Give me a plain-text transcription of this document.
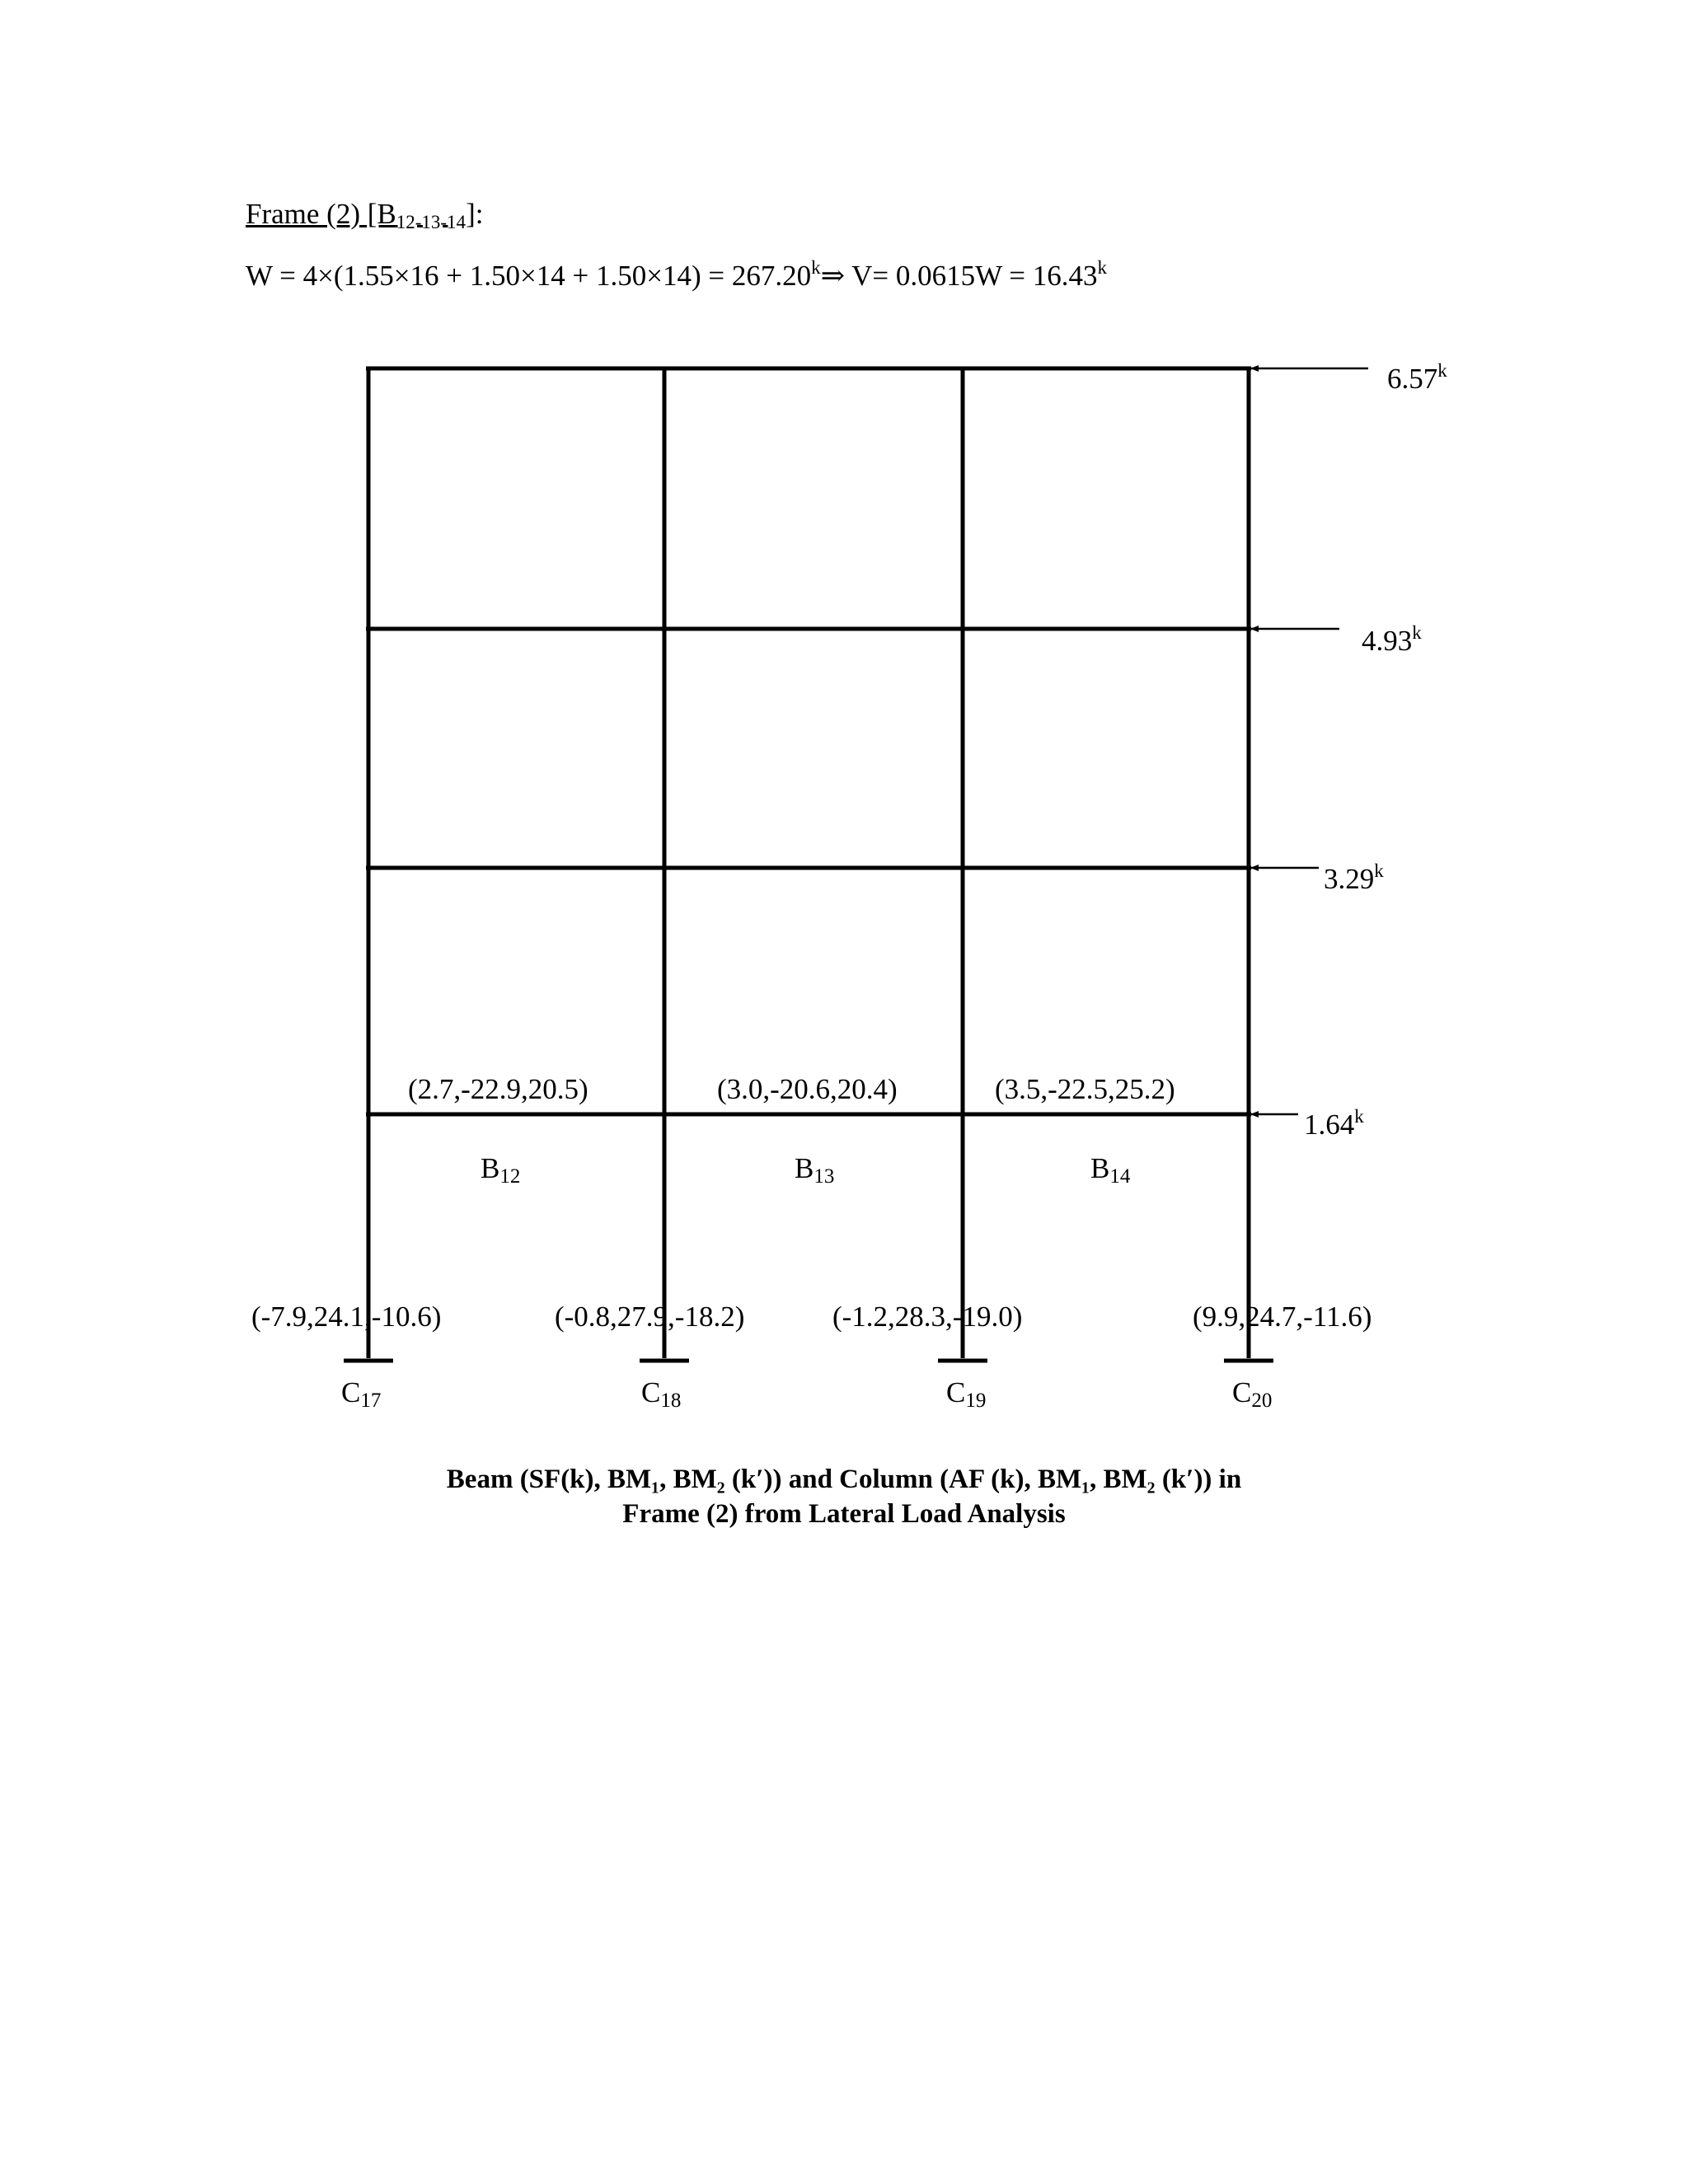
Frame (2) $[B_{12-13-14}]$:
$W = 4\times(1.55\times 16 + 1.50\times 14 + 1.50\times 14) = 267.20^k\Rightarrow$ $V= 0.0615W = 16.43^k$
6.57$^k$
4.93$^k$
3.29$^k$
1.64$^k$
(2.7,-22.9,20.5)	(3.0,-20.6,20.4)	(3.5,-22.5,25.2)
$B_{12}$	$B_{13}$	$B_{14}$
(-7.9,24.1,-10.6)	(-0.8,27.9,-18.2)	(-1.2,28.3,-19.0)	(9.9,24.7,-11.6)
$C_{17}$	$C_{18}$	$C_{19}$	$C_{20}$
Beam (SF(k), BM₁, BM₂ (k′)) and Column (AF (k), BM₁, BM₂ (k′)) in
Frame (2) from Lateral Load Analysis
